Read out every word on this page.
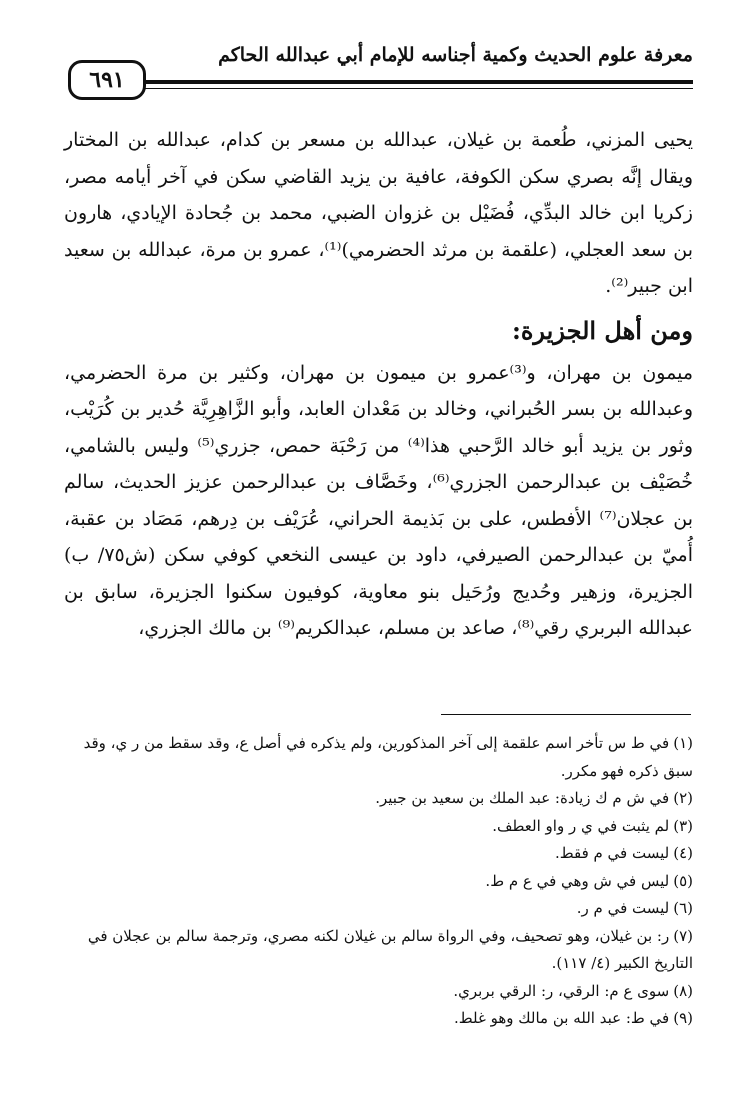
معرفة علوم الحديث وكمية أجناسه للإمام أبي عبدالله الحاكم
٦٩١

يحيى المزني، طُعمة بن غيلان، عبدالله بن مسعر بن كدام، عبدالله بن المختار ويقال إنَّه بصري سكن الكوفة، عافية بن يزيد القاضي سكن في آخر أيامه مصر، زكريا ابن خالد البدِّي، فُضَيْل بن غزوان الضبي، محمد بن جُحادة الإيادي، هارون بن سعد العجلي، (علقمة بن مرثد الحضرمي)⁽¹⁾، عمرو بن مرة، عبدالله بن سعيد ابن جبير⁽²⁾.

ومن أهل الجزيرة:

ميمون بن مهران، و⁽³⁾عمرو بن ميمون بن مهران، وكثير بن مرة الحضرمي، وعبدالله بن بسر الحُبراني، وخالد بن مَعْدان العابد، وأبو الزَّاهِرِيَّة حُدير بن كُرَيْب، وثور بن يزيد أبو خالد الرَّحبي هذا⁽⁴⁾ من رَحْبَة حمص، جزري⁽⁵⁾ وليس بالشامي، خُصَيْف بن عبدالرحمن الجزري⁽⁶⁾، وخَصَّاف بن عبدالرحمن عزيز الحديث، سالم بن عجلان⁽⁷⁾ الأفطس، على بن بَذيمة الحراني، عُرَيْف بن دِرهم، مَصَاد بن عقبة، أُميّ بن عبدالرحمن الصيرفي، داود بن عيسى النخعي كوفي سكن (ش٧٥/ ب) الجزيرة، وزهير وحُديج ورُحَيل بنو معاوية، كوفيون سكنوا الجزيرة، سابق بن عبدالله البربري رقي⁽⁸⁾، صاعد بن مسلم، عبدالكريم⁽⁹⁾ بن مالك الجزري،

(١)في ط س تأخر اسم علقمة إلى آخر المذكورين، ولم يذكره في أصل ع، وقد سقط من ر ي، وقد سبق ذكره فهو مكرر.

(٢)في ش م ك زيادة: عبد الملك بن سعيد بن جبير.

(٣)لم يثبت في ي ر واو العطف.

(٤)ليست في م فقط.

(٥)ليس في ش وهي في ع م ط.

(٦)ليست في م ر.

(٧)ر: بن غيلان، وهو تصحيف، وفي الرواة سالم بن غيلان لكنه مصري، وترجمة سالم بن عجلان في التاريخ الكبير (٤/ ١١٧).

(٨)سوى ع م: الرقي، ر: الرقي بربري.

(٩)في ط: عبد الله بن مالك وهو غلط.
